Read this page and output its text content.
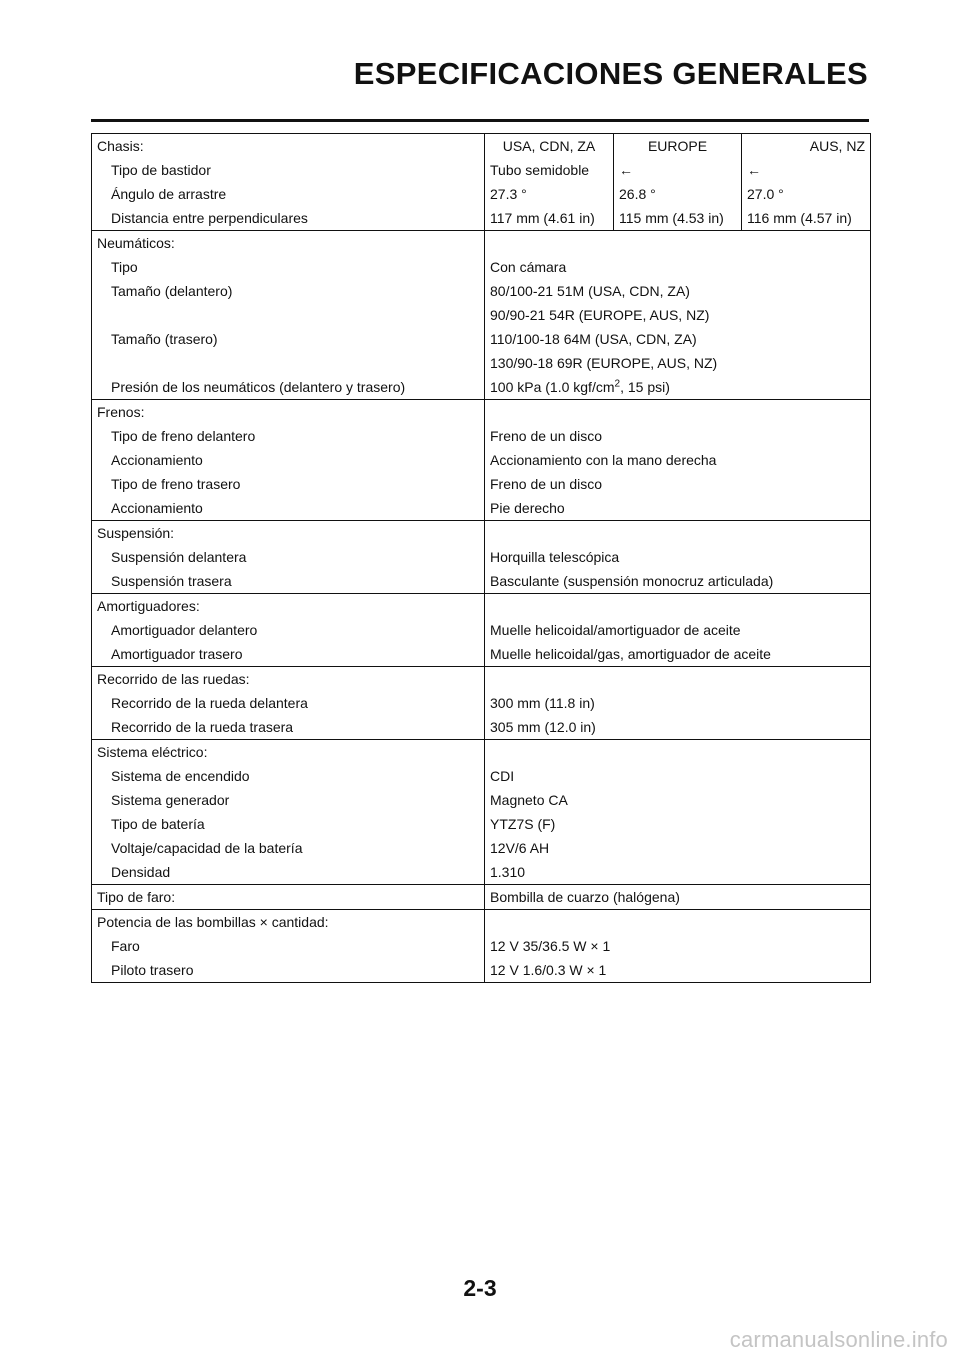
ESPECIFICACIONES GENERALES
Chasis:	USA, CDN, ZA	EUROPE	AUS, NZ
Tipo de bastidor	Tubo semidoble	←	←
Ángulo de arrastre	27.3 °	26.8 °	27.0 °
Distancia entre perpendiculares	117 mm (4.61 in)	115 mm (4.53 in)	116 mm (4.57 in)
Neumáticos:			
Tipo	Con cámara		
Tamaño (delantero)	80/100-21 51M (USA, CDN, ZA)		
	90/90-21 54R (EUROPE, AUS, NZ)		
Tamaño (trasero)	110/100-18 64M (USA, CDN, ZA)		
	130/90-18 69R (EUROPE, AUS, NZ)		
Presión de los neumáticos (delantero y trasero)	100 kPa (1.0 kgf/$cm^2$, 15 psi)		
Frenos:			
Tipo de freno delantero	Freno de un disco		
Accionamiento	Accionamiento con la mano derecha		
Tipo de freno trasero	Freno de un disco		
Accionamiento	Pie derecho		
Suspensión:			
Suspensión delantera	Horquilla telescópica		
Suspensión trasera	Basculante (suspensión monocruz articulada)		
Amortiguadores:			
Amortiguador delantero	Muelle helicoidal/amortiguador de aceite		
Amortiguador trasero	Muelle helicoidal/gas, amortiguador de aceite		
Recorrido de las ruedas:			
Recorrido de la rueda delantera	300 mm (11.8 in)		
Recorrido de la rueda trasera	305 mm (12.0 in)		
Sistema eléctrico:			
Sistema de encendido	CDI		
Sistema generador	Magneto CA		
Tipo de batería	YTZ7S (F)		
Voltaje/capacidad de la batería	12V/6 AH		
Densidad	1.310		
Tipo de faro:	Bombilla de cuarzo (halógena)		
Potencia de las bombillas × cantidad:			
Faro	12 V 35/36.5 W × 1		
Piloto trasero	12 V 1.6/0.3 W × 1		
2-3
carmanualsonline.info
